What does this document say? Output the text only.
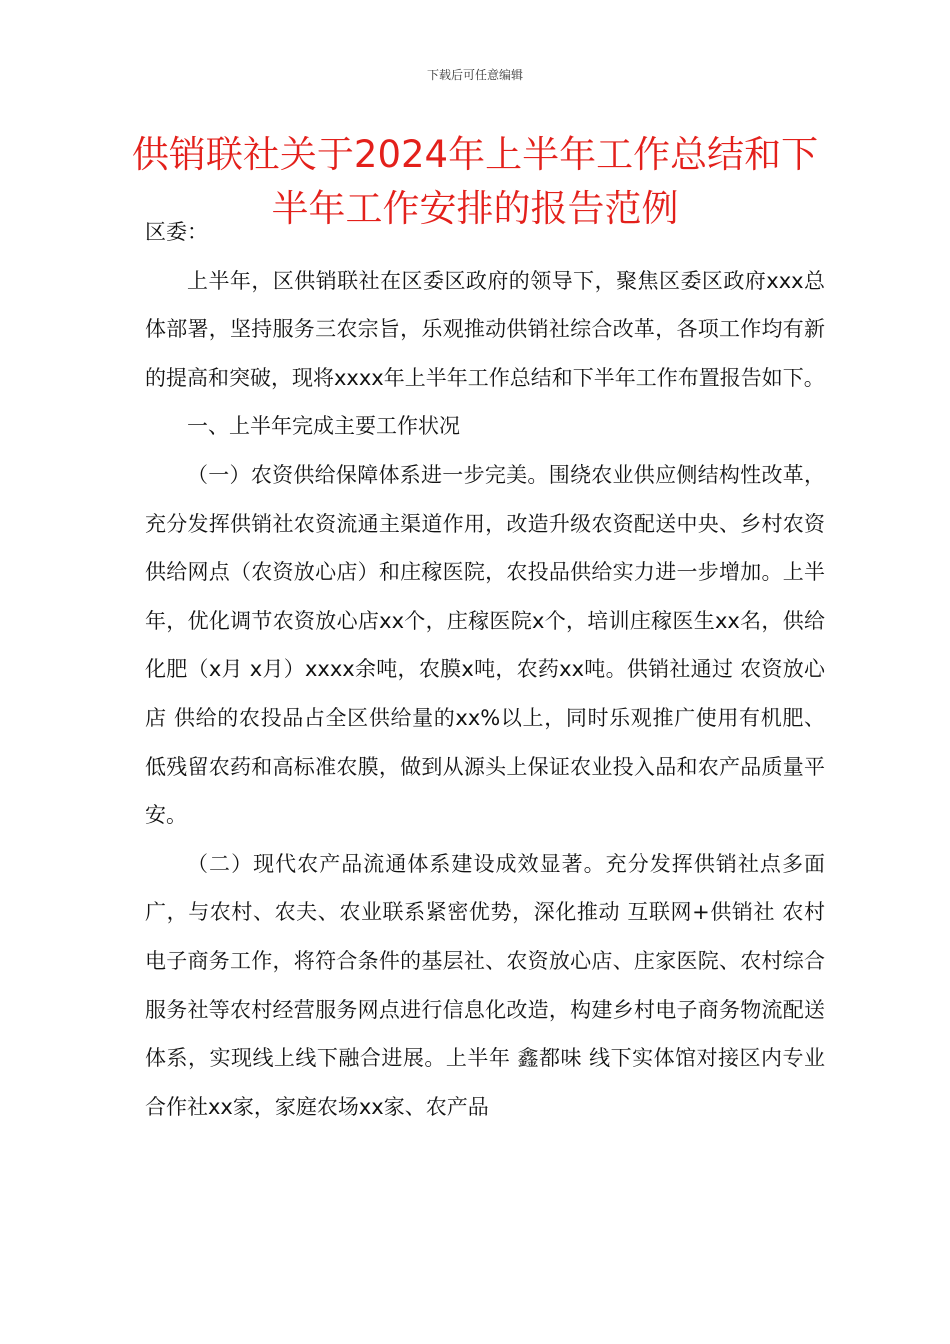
下载后可任意编辑
供销联社关于2024年上半年工作总结和下半年工作安排的报告范例

区委：

上半年，区供销联社在区委区政府的领导下，聚焦区委区政府xxx总体部署，坚持服务三农宗旨，乐观推动供销社综合改革，各项工作均有新的提高和突破，现将xxxx年上半年工作总结和下半年工作布置报告如下。

一、上半年完成主要工作状况

（一）农资供给保障体系进一步完美。围绕农业供应侧结构性改革，充分发挥供销社农资流通主渠道作用，改造升级农资配送中央、乡村农资供给网点（农资放心店）和庄稼医院，农投品供给实力进一步增加。上半年，优化调节农资放心店xx个，庄稼医院x个，培训庄稼医生xx名，供给化肥（x月 x月）xxxx余吨，农膜x吨，农药xx吨。供销社通过 农资放心店 供给的农投品占全区供给量的xx%以上，同时乐观推广使用有机肥、低残留农药和高标准农膜，做到从源头上保证农业投入品和农产品质量平安。

（二）现代农产品流通体系建设成效显著。充分发挥供销社点多面广，与农村、农夫、农业联系紧密优势，深化推动 互联网+供销社 农村电子商务工作，将符合条件的基层社、农资放心店、庄家医院、农村综合服务社等农村经营服务网点进行信息化改造，构建乡村电子商务物流配送体系，实现线上线下融合进展。上半年 鑫都味 线下实体馆对接区内专业合作社xx家，家庭农场xx家、农产品
